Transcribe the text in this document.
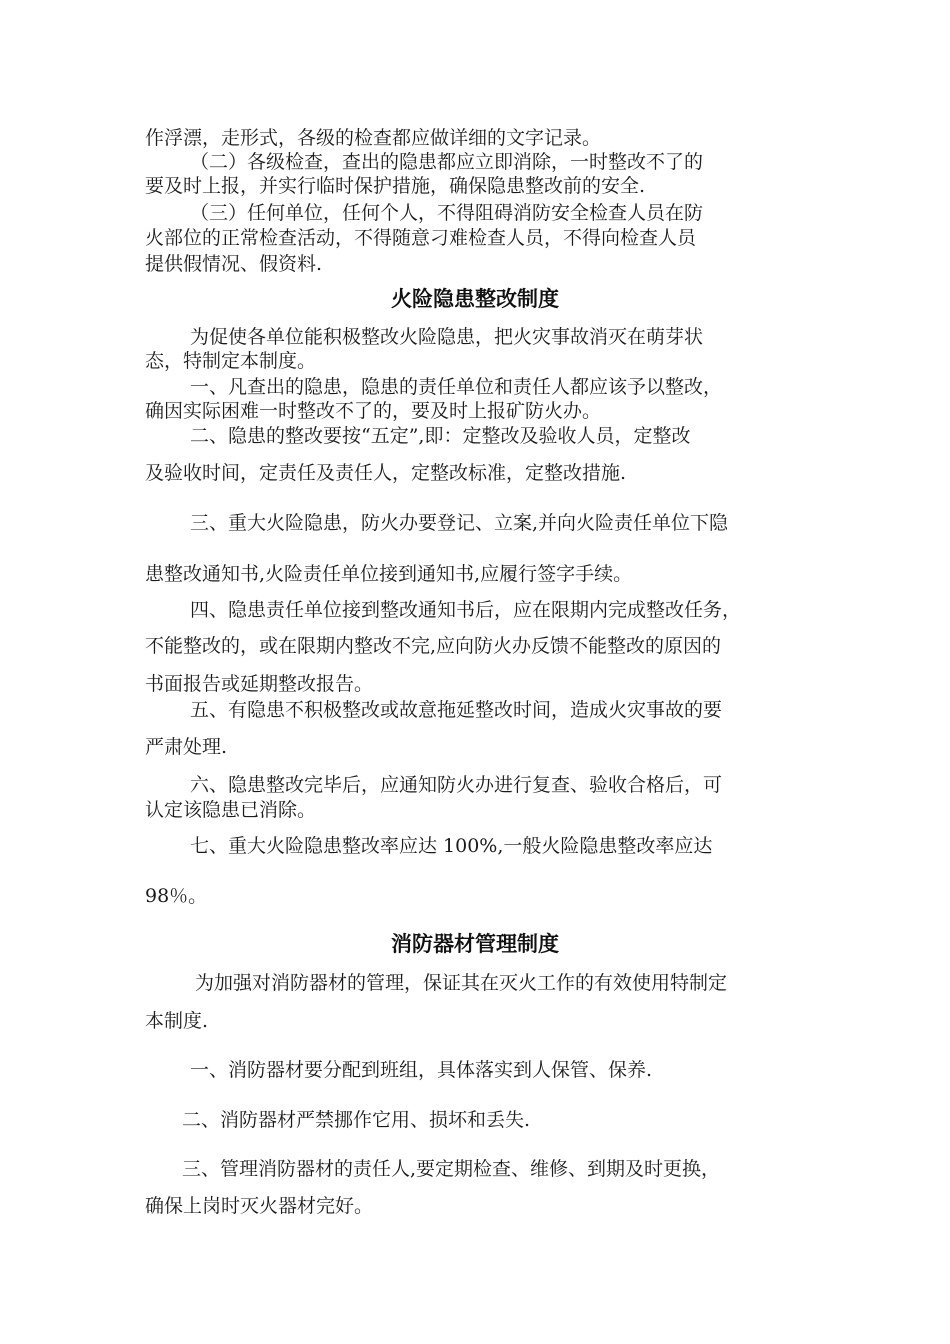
作浮漂，走形式，各级的检查都应做详细的文字记录。
（二）各级检查，查出的隐患都应立即消除，一时整改不了的
要及时上报，并实行临时保护措施，确保隐患整改前的安全.
（三）任何单位，任何个人，不得阻碍消防安全检查人员在防
火部位的正常检查活动，不得随意刁难检查人员，不得向检查人员
提供假情况、假资料.
火险隐患整改制度
为促使各单位能积极整改火险隐患，把火灾事故消灭在萌芽状
态，特制定本制度。
一、凡查出的隐患，隐患的责任单位和责任人都应该予以整改，
确因实际困难一时整改不了的，要及时上报矿防火办。
二、隐患的整改要按“五定”,即：定整改及验收人员，定整改
及验收时间，定责任及责任人，定整改标准，定整改措施.
三、重大火险隐患，防火办要登记、立案,并向火险责任单位下隐
患整改通知书,火险责任单位接到通知书,应履行签字手续。
四、隐患责任单位接到整改通知书后，应在限期内完成整改任务，
不能整改的，或在限期内整改不完,应向防火办反馈不能整改的原因的
书面报告或延期整改报告。
五、有隐患不积极整改或故意拖延整改时间，造成火灾事故的要
严肃处理.
六、隐患整改完毕后，应通知防火办进行复查、验收合格后，可
认定该隐患已消除。
七、重大火险隐患整改率应达 100%,一般火险隐患整改率应达
98％。
消防器材管理制度
为加强对消防器材的管理，保证其在灭火工作的有效使用特制定
本制度.
一、消防器材要分配到班组，具体落实到人保管、保养.
二、消防器材严禁挪作它用、损坏和丢失.
三、管理消防器材的责任人,要定期检查、维修、到期及时更换，
确保上岗时灭火器材完好。
